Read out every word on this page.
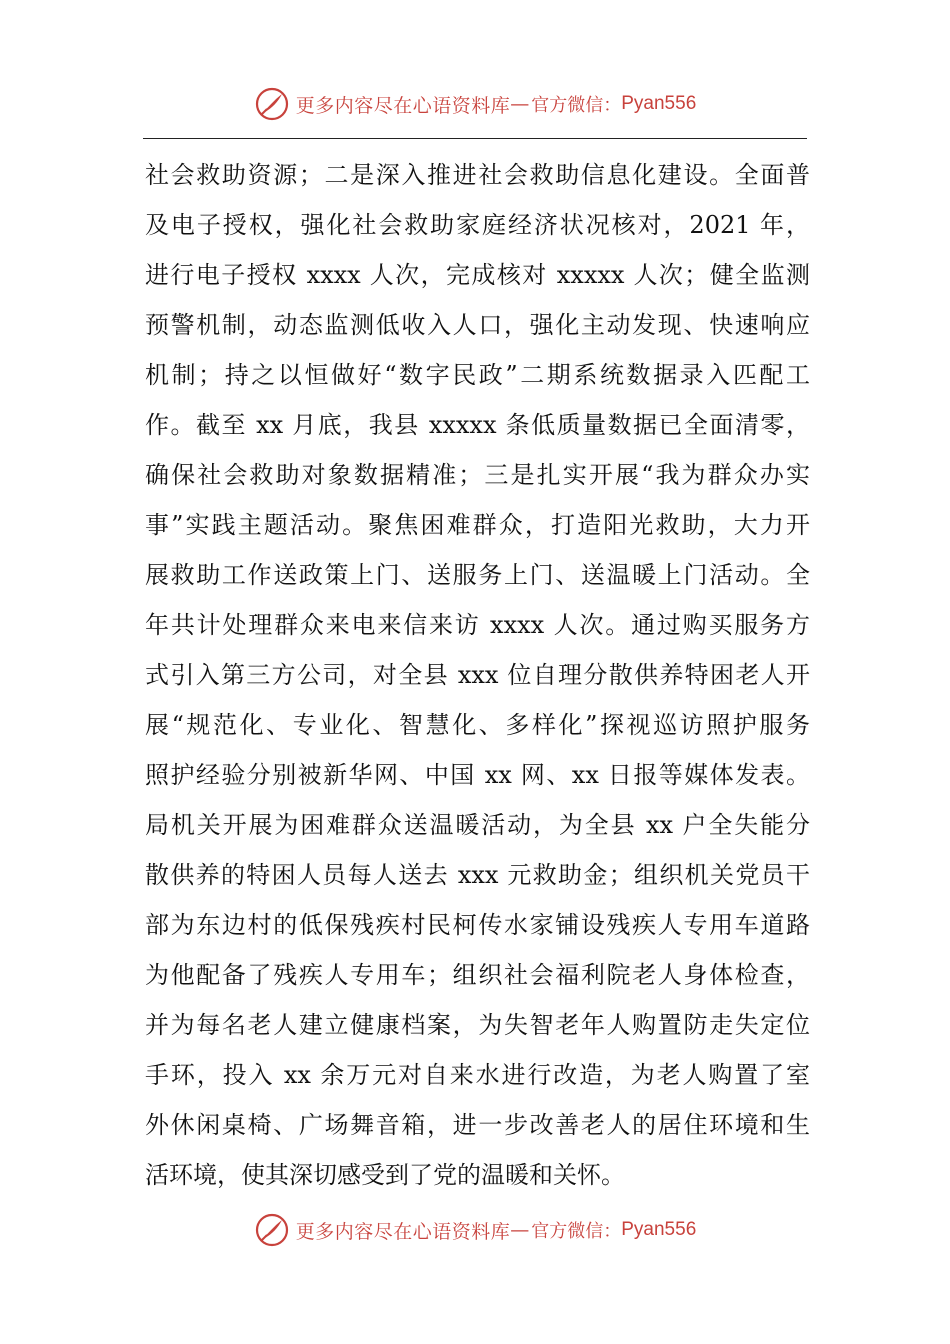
更多内容尽在心语资料库 — 官方微信： Pyan556
社会救助资源；二是深入推进社会救助信息化建设。全面普
及电子授权，强化社会救助家庭经济状况核对，2021 年，
进行电子授权 xxxx 人次，完成核对 xxxxx 人次；健全监测
预警机制，动态监测低收入人口，强化主动发现、快速响应
机制；持之以恒做好“数字民政”二期系统数据录入匹配工
作。截至 xx 月底，我县 xxxxx 条低质量数据已全面清零，
确保社会救助对象数据精准；三是扎实开展“我为群众办实
事”实践主题活动。聚焦困难群众，打造阳光救助，大力开
展救助工作送政策上门、送服务上门、送温暖上门活动。全
年共计处理群众来电来信来访 xxxx 人次。通过购买服务方
式引入第三方公司，对全县 xxx 位自理分散供养特困老人开
展“规范化、专业化、智慧化、多样化”探视巡访照护服务
照护经验分别被新华网、中国 xx 网、xx 日报等媒体发表。
局机关开展为困难群众送温暖活动，为全县 xx 户全失能分
散供养的特困人员每人送去 xxx 元救助金；组织机关党员干
部为东边村的低保残疾村民柯传水家铺设残疾人专用车道路
为他配备了残疾人专用车；组织社会福利院老人身体检查，
并为每名老人建立健康档案，为失智老年人购置防走失定位
手环，投入 xx 余万元对自来水进行改造，为老人购置了室
外休闲桌椅、广场舞音箱，进一步改善老人的居住环境和生
活环境，使其深切感受到了党的温暖和关怀。
更多内容尽在心语资料库 — 官方微信： Pyan556
